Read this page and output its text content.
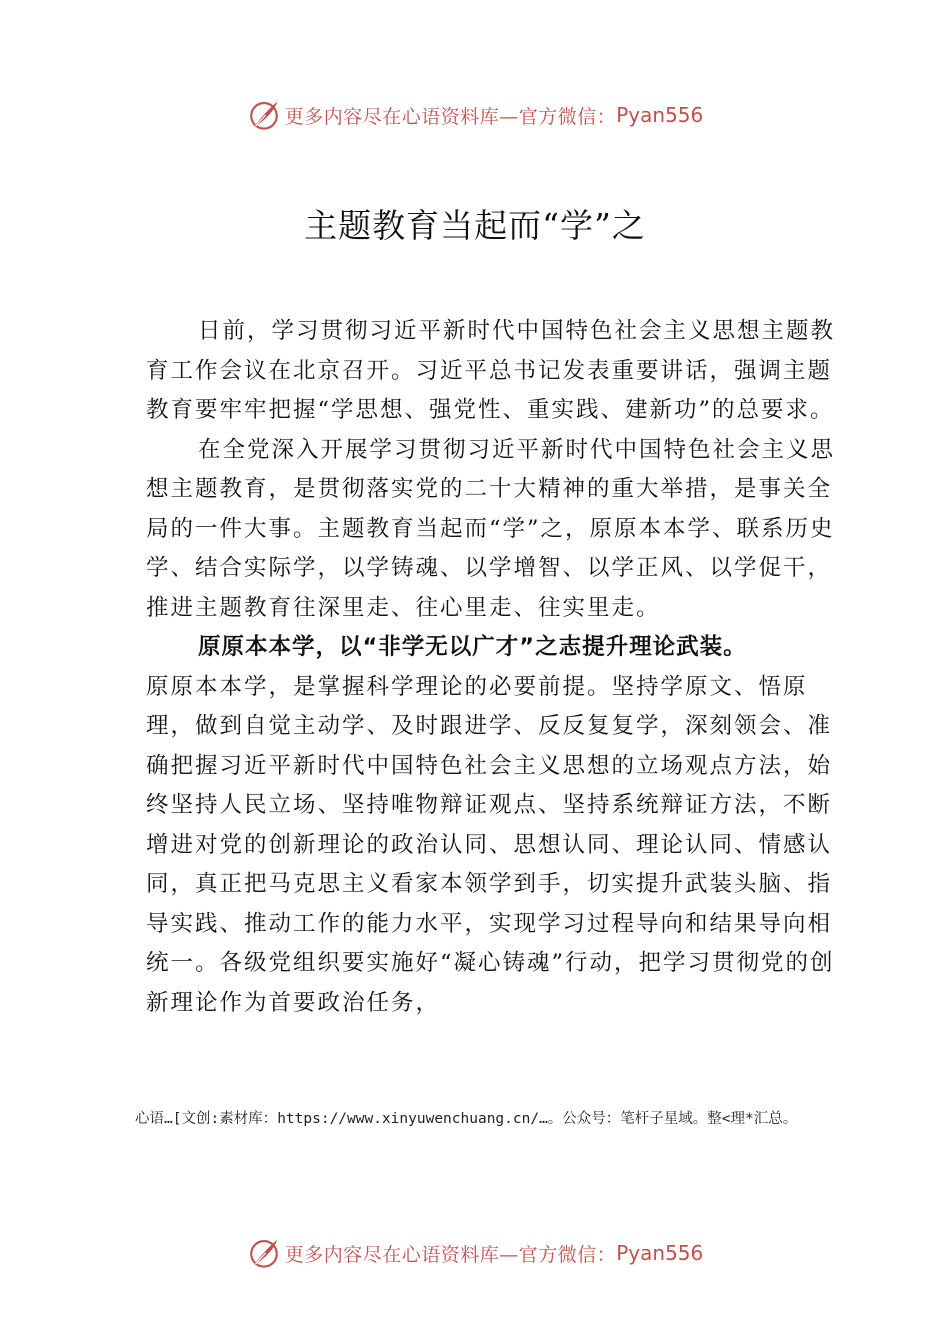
更多内容尽在心语资料库—官方微信： Pyan556
主题教育当起而“学”之

日前，学习贯彻习近平新时代中国特色社会主义思想主题教育工作会议在北京召开。习近平总书记发表重要讲话，强调主题教育要牢牢把握“学思想、强党性、重实践、建新功”的总要求。

在全党深入开展学习贯彻习近平新时代中国特色社会主义思想主题教育，是贯彻落实党的二十大精神的重大举措，是事关全局的一件大事。主题教育当起而“学”之，原原本本学、联系历史学、结合实际学，以学铸魂、以学增智、以学正风、以学促干，推进主题教育往深里走、往心里走、往实里走。

原原本本学，以“非学无以广才”之志提升理论武装。
原原本本学，是掌握科学理论的必要前提。坚持学原文、悟原理，做到自觉主动学、及时跟进学、反反复复学，深刻领会、准确把握习近平新时代中国特色社会主义思想的立场观点方法，始终坚持人民立场、坚持唯物辩证观点、坚持系统辩证方法，不断增进对党的创新理论的政治认同、思想认同、理论认同、情感认同，真正把马克思主义看家本领学到手，切实提升武装头脑、指导实践、推动工作的能力水平，实现学习过程导向和结果导向相统一。各级党组织要实施好“凝心铸魂”行动，把学习贯彻党的创新理论作为首要政治任务，

心语…[文创:素材库：https://www.xinyuwenchuang.cn/…。公众号：笔杆子星域。整<理*汇总。
更多内容尽在心语资料库—官方微信： Pyan556
